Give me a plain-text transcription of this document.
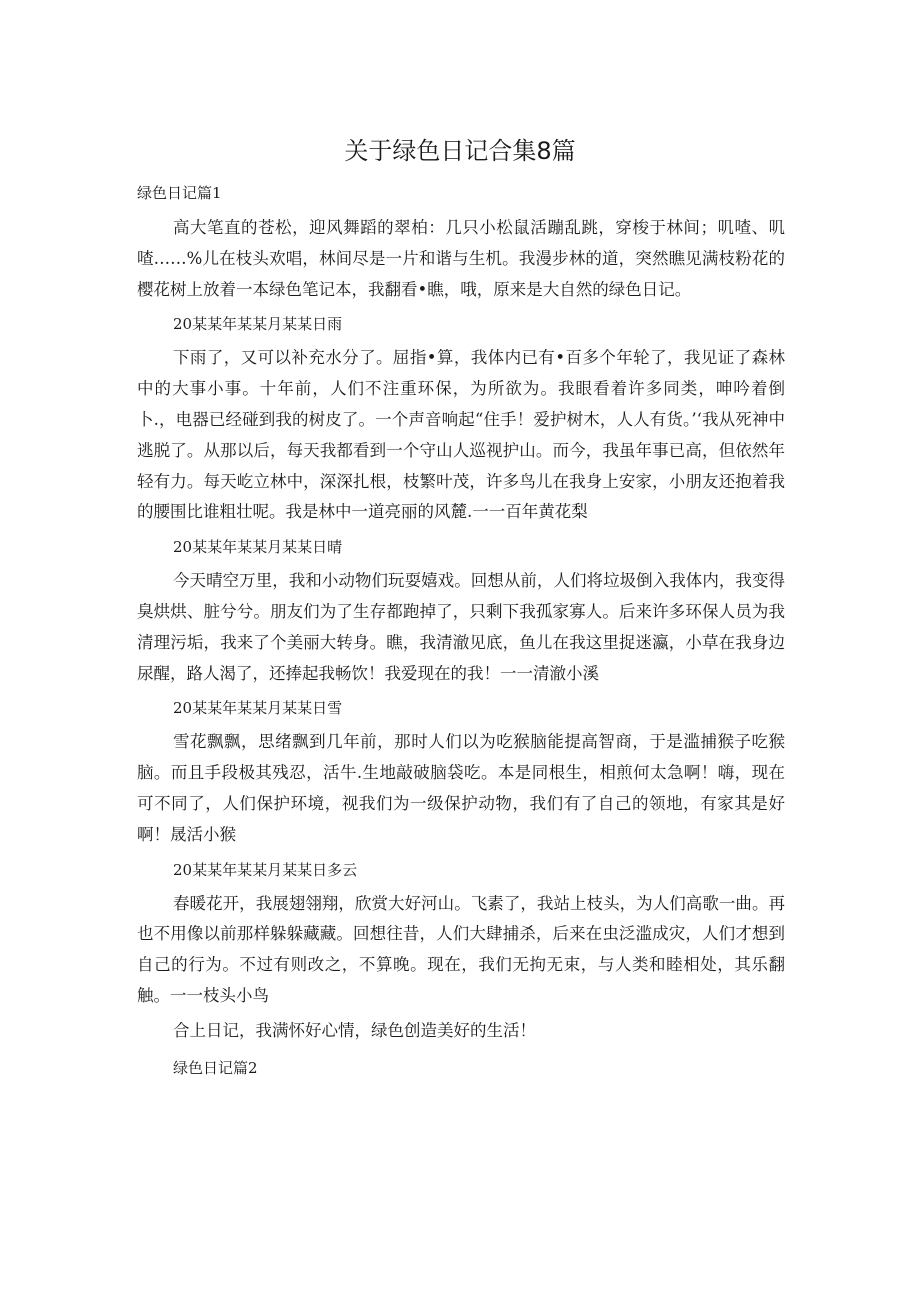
关于绿色日记合集8篇

绿色日记篇1

高大笔直的苍松，迎风舞蹈的翠柏：几只小松鼠活蹦乱跳，穿梭于林间；叽喳、叽喳……%儿在枝头欢唱，林间尽是一片和谐与生机。我漫步林的道，突然瞧见满枝粉花的樱花树上放着一本绿色笔记本，我翻看•瞧，哦，原来是大自然的绿色日记。

20某某年某某月某某日雨

下雨了，又可以补充水分了。屈指•算，我体内已有•百多个年轮了，我见证了森林中的大事小事。十年前，人们不注重环保，为所欲为。我眼看着许多同类，呻吟着倒卜.，电器已经碰到我的树皮了。一个声音响起“住手！爱护树木，人人有货。’‘我从死神中逃脱了。从那以后，每天我都看到一个守山人巡视护山。而今，我虽年事已高，但依然年轻有力。每天屹立林中，深深扎根，枝繁叶茂，许多鸟儿在我身上安家，小朋友还抱着我的腰围比谁粗壮呢。我是林中一道亮丽的风麓.一一百年黄花梨

20某某年某某月某某日晴

今天晴空万里，我和小动物们玩耍嬉戏。回想从前，人们将垃圾倒入我体内，我变得臭烘烘、脏兮兮。朋友们为了生存都跑掉了，只剩下我孤家寡人。后来许多环保人员为我清理污垢，我来了个美丽大转身。瞧，我清澈见底，鱼儿在我这里捉迷瀛，小草在我身边尿醒，路人渴了，还捧起我畅饮！我爱现在的我！一一清澈小溪

20某某年某某月某某日雪

雪花飘飘，思绪飘到几年前，那时人们以为吃猴脑能提高智商，于是滥捕猴子吃猴脑。而且手段极其残忍，活牛.生地敲破脑袋吃。本是同根生，相煎何太急啊！嗨，现在可不同了，人们保护环境，视我们为一级保护动物，我们有了自己的领地，有家其是好啊！晟活小猴

20某某年某某月某某日多云

春暖花开，我展翅翎翔，欣赏大好河山。飞素了，我站上枝头，为人们高歌一曲。再也不用像以前那样躲躲藏藏。回想往昔，人们大肆捕杀，后来在虫泛滥成灾，人们才想到自己的行为。不过有则改之，不算晚。现在，我们无拘无束，与人类和睦相处，其乐翻触。一一枝头小鸟

合上日记，我满怀好心情，绿色创造美好的生活！

绿色日记篇2
